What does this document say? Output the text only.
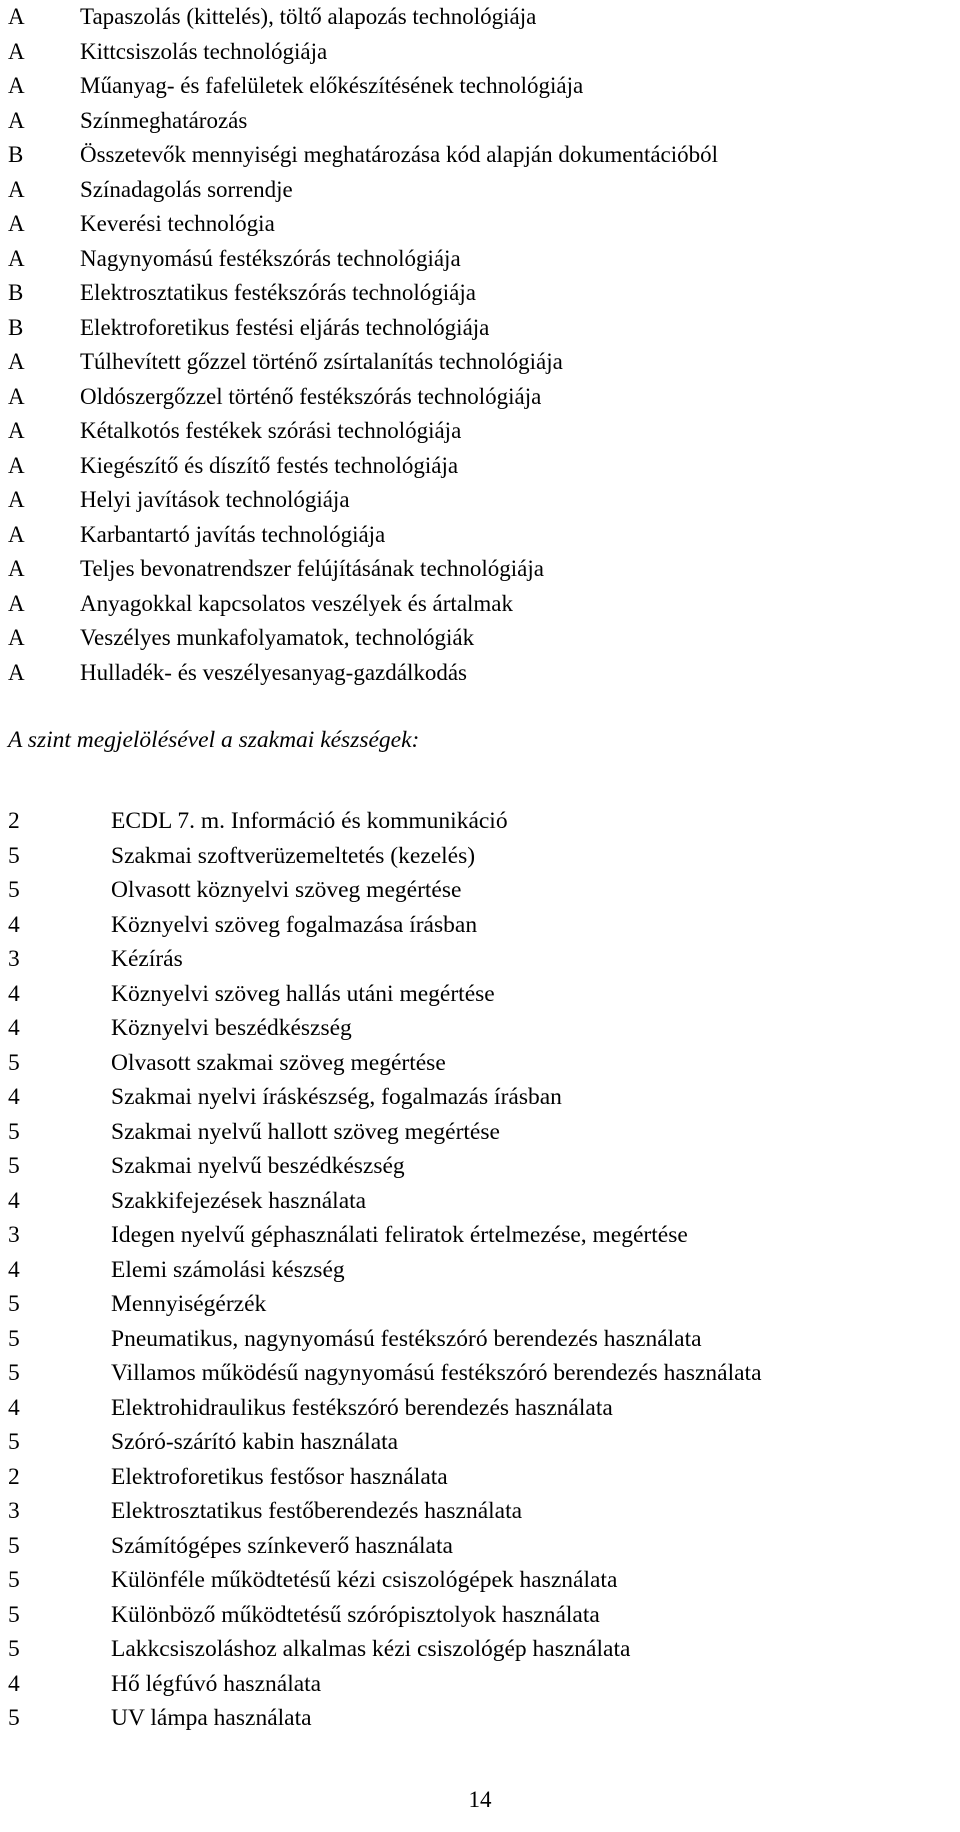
A	Tapaszolás (kittelés), töltő alapozás technológiája
A	Kittcsiszolás technológiája
A	Műanyag- és fafelületek előkészítésének technológiája
A	Színmeghatározás
B	Összetevők mennyiségi meghatározása kód alapján dokumentációból
A	Színadagolás sorrendje
A	Keverési technológia
A	Nagynyomású festékszórás technológiája
B	Elektrosztatikus festékszórás technológiája
B	Elektroforetikus festési eljárás technológiája
A	Túlhevített gőzzel történő zsírtalanítás technológiája
A	Oldószergőzzel történő festékszórás technológiája
A	Kétalkotós festékek szórási technológiája
A	Kiegészítő és díszítő festés technológiája
A	Helyi javítások technológiája
A	Karbantartó javítás technológiája
A	Teljes bevonatrendszer felújításának technológiája
A	Anyagokkal kapcsolatos veszélyek és ártalmak
A	Veszélyes munkafolyamatok, technológiák
A	Hulladék- és veszélyesanyag-gazdálkodás
A szint megjelölésével a szakmai készségek:
2	ECDL 7. m. Információ és kommunikáció
5	Szakmai szoftverüzemeltetés (kezelés)
5	Olvasott köznyelvi szöveg megértése
4	Köznyelvi szöveg fogalmazása írásban
3	Kézírás
4	Köznyelvi szöveg hallás utáni megértése
4	Köznyelvi beszédkészség
5	Olvasott szakmai szöveg megértése
4	Szakmai nyelvi íráskészség, fogalmazás írásban
5	Szakmai nyelvű hallott szöveg megértése
5	Szakmai nyelvű beszédkészség
4	Szakkifejezések használata
3	Idegen nyelvű géphasználati feliratok értelmezése, megértése
4	Elemi számolási készség
5	Mennyiségérzék
5	Pneumatikus, nagynyomású festékszóró berendezés használata
5	Villamos működésű nagynyomású festékszóró berendezés használata
4	Elektrohidraulikus festékszóró berendezés használata
5	Szóró-szárító kabin használata
2	Elektroforetikus festősor használata
3	Elektrosztatikus festőberendezés használata
5	Számítógépes színkeverő használata
5	Különféle működtetésű kézi csiszológépek használata
5	Különböző működtetésű szórópisztolyok használata
5	Lakkcsiszoláshoz alkalmas kézi csiszológép használata
4	Hő légfúvó használata
5	UV lámpa használata
14
